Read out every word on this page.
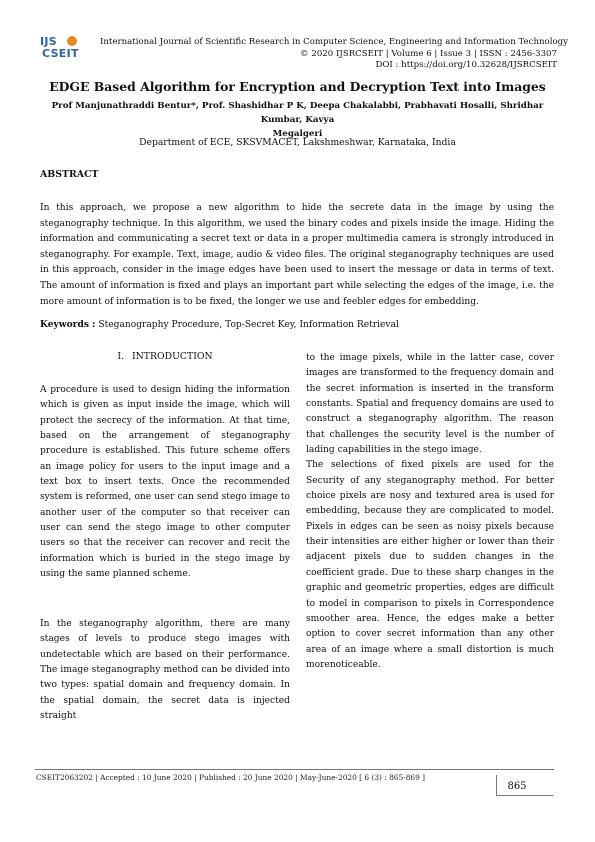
IJS
CSEIT
International Journal of Scientific Research in Computer Science, Engineering and Information Technology
© 2020 IJSRCSEIT | Volume 6 | Issue 3 | ISSN : 2456-3307
DOI : https://doi.org/10.32628/IJSRCSEIT
EDGE Based Algorithm for Encryption and Decryption Text into Images
Prof Manjunathraddi Bentur*, Prof. Shashidhar P K, Deepa Chakalabbi, Prabhavati Hosalli, Shridhar Kumbar, Kavya
Megalgeri
Department of ECE, SKSVMACET, Lakshmeshwar, Karnataka, India
ABSTRACT
In this approach, we propose a new algorithm to hide the secrete data in the image by using the steganography technique. In this algorithm, we used the binary codes and pixels inside the image. Hiding the information and communicating a secret text or data in a proper multimedia camera is strongly introduced in steganography. For example. Text, image, audio & video files. The original steganography techniques are used in this approach, consider in the image edges have been used to insert the message or data in terms of text. The amount of information is fixed and plays an important part while selecting the edges of the image, i.e. the more amount of information is to be fixed, the longer we use and feebler edges for embedding.
Keywords : Steganography Procedure, Top-Secret Key, Information Retrieval
I. INTRODUCTION

A procedure is used to design hiding the information which is given as input inside the image, which will protect the secrecy of the information. At that time, based on the arrangement of steganography procedure is established. This future scheme offers an image policy for users to the input image and a text box to insert texts. Once the recommended system is reformed, one user can send stego image to another user of the computer so that receiver can user can send the stego image to other computer users so that the receiver can recover and recit the information which is buried in the stego image by using the same planned scheme.

In the steganography algorithm, there are many stages of levels to produce stego images with undetectable which are based on their performance. The image steganography method can be divided into two types: spatial domain and frequency domain. In the spatial domain, the secret data is injected straight

to the image pixels, while in the latter case, cover images are transformed to the frequency domain and the secret information is inserted in the transform constants. Spatial and frequency domains are used to construct a steganography algorithm. The reason that challenges the security level is the number of lading capabilities in the stego image.

The selections of fixed pixels are used for the Security of any steganography method. For better choice pixels are nosy and textured area is used for embedding, because they are complicated to model. Pixels in edges can be seen as noisy pixels because their intensities are either higher or lower than their adjacent pixels due to sudden changes in the coefficient grade. Due to these sharp changes in the graphic and geometric properties, edges are difficult to model in comparison to pixels in Correspondence smoother area. Hence, the edges make a better option to cover secret information than any other area of an image where a small distortion is much morenoticeable.

CSEIT2063202 | Accepted : 10 June 2020 | Published : 20 June 2020 | May-June-2020 [ 6 (3) : 865-869 ]
865
